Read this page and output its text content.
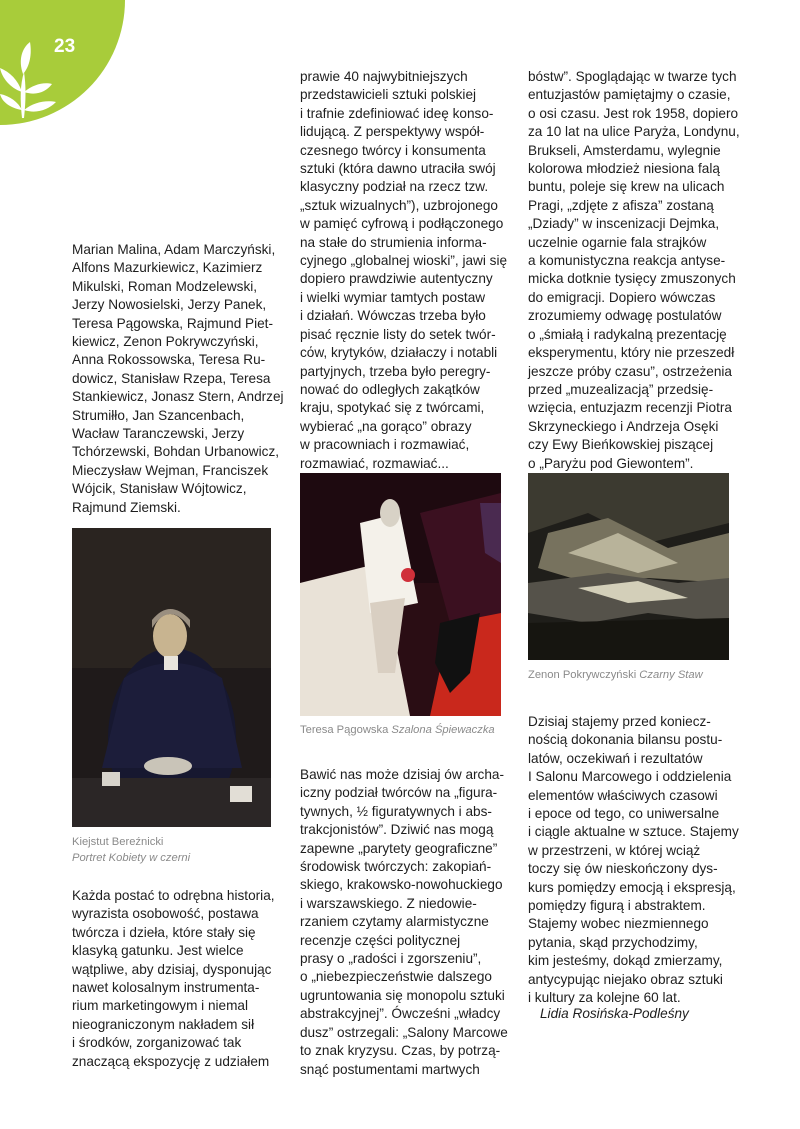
23
Marian Malina, Adam Marczyński,
Alfons Mazurkiewicz, Kazimierz
Mikulski, Roman Modzelewski,
Jerzy Nowosielski, Jerzy Panek,
Teresa Pągowska, Rajmund Piet-
kiewicz, Zenon Pokrywczyński,
Anna Rokossowska, Teresa Ru-
dowicz, Stanisław Rzepa, Teresa
Stankiewicz, Jonasz Stern, Andrzej
Strumiłło, Jan Szancenbach,
Wacław Taranczewski, Jerzy
Tchórzewski, Bohdan Urbanowicz,
Mieczysław Wejman, Franciszek
Wójcik, Stanisław Wójtowicz,
Rajmund Ziemski.
Kiejstut Bereźnicki
Portret Kobiety w czerni
Każda postać to odrębna historia,
wyrazista osobowość, postawa
twórcza i dzieła, które stały się
klasyką gatunku. Jest wielce
wątpliwe, aby dzisiaj, dysponując
nawet kolosalnym instrumenta-
rium marketingowym i niemal
nieograniczonym nakładem sił
i środków, zorganizować tak
znaczącą ekspozycję z udziałem
prawie 40 najwybitniejszych
przedstawicieli sztuki polskiej
i trafnie zdefiniować ideę konso-
lidującą. Z perspektywy współ-
czesnego twórcy i konsumenta
sztuki (która dawno utraciła swój
klasyczny podział na rzecz tzw.
„sztuk wizualnych”), uzbrojonego
w pamięć cyfrową i podłączonego
na stałe do strumienia informa-
cyjnego „globalnej wioski”, jawi się
dopiero prawdziwie autentyczny
i wielki wymiar tamtych postaw
i działań. Wówczas trzeba było
pisać ręcznie listy do setek twór-
cόw, krytyków, działaczy i notabli
partyjnych, trzeba było peregry-
nować do odległych zakątków
kraju, spotykać się z twórcami,
wybierać „na gorąco” obrazy
w pracowniach i rozmawiać,
rozmawiać, rozmawiać...
Teresa Pągowska Szalona Śpiewaczka
Bawić nas może dzisiaj ów archa-
iczny podział twórców na „figura-
tywnych, ½ figuratywnych i abs-
trakcjonistów”. Dziwić nas mogą
zapewne „parytety geograficzne”
środowisk twórczych: zakopiań-
skiego, krakowsko-nowohuckiego
i warszawskiego. Z niedowie-
rzaniem czytamy alarmistyczne
recenzje części politycznej
prasy o „radości i zgorszeniu”,
o „niebezpieczeństwie dalszego
ugruntowania się monopolu sztuki
abstrakcyjnej”. Ówcześni „władcy
dusz” ostrzegali: „Salony Marcowe
to znak kryzysu. Czas, by potrzą-
snąć postumentami martwych
bóstw”. Spoglądając w twarze tych
entuzjastów pamiętajmy o czasie,
o osi czasu. Jest rok 1958, dopiero
za 10 lat na ulice Paryża, Londynu,
Brukseli, Amsterdamu, wylegnie
kolorowa młodzież niesiona falą
buntu, poleje się krew na ulicach
Pragi, „zdjęte z afisza” zostaną
„Dziady” w inscenizacji Dejmka,
uczelnie ogarnie fala strajków
a komunistyczna reakcja antyse-
micka dotknie tysięcy zmuszonych
do emigracji. Dopiero wówczas
zrozumiemy odwagę postulatów
o „śmiałą i radykalną prezentację
eksperymentu, który nie przeszedł
jeszcze próby czasu”, ostrzeżenia
przed „muzealizacją” przedsię-
wzięcia, entuzjazm recenzji Piotra
Skrzyneckiego i Andrzeja Osęki
czy Ewy Bieńkowskiej piszącej
o „Paryżu pod Giewontem”.
Zenon Pokrywczyński Czarny Staw
Dzisiaj stajemy przed koniecz-
nością dokonania bilansu postu-
latów, oczekiwań i rezultatów
I Salonu Marcowego i oddzielenia
elementów właściwych czasowi
i epoce od tego, co uniwersalne
i ciągle aktualne w sztuce. Stajemy
w przestrzeni, w której wciąż
toczy się ów nieskończony dys-
kurs pomiędzy emocją i ekspresją,
pomiędzy figurą i abstraktem.
Stajemy wobec niezmiennego
pytania, skąd przychodzimy,
kim jesteśmy, dokąd zmierzamy,
antycypując niejako obraz sztuki
i kultury za kolejne 60 lat.
Lidia Rosińska-Podleśny
